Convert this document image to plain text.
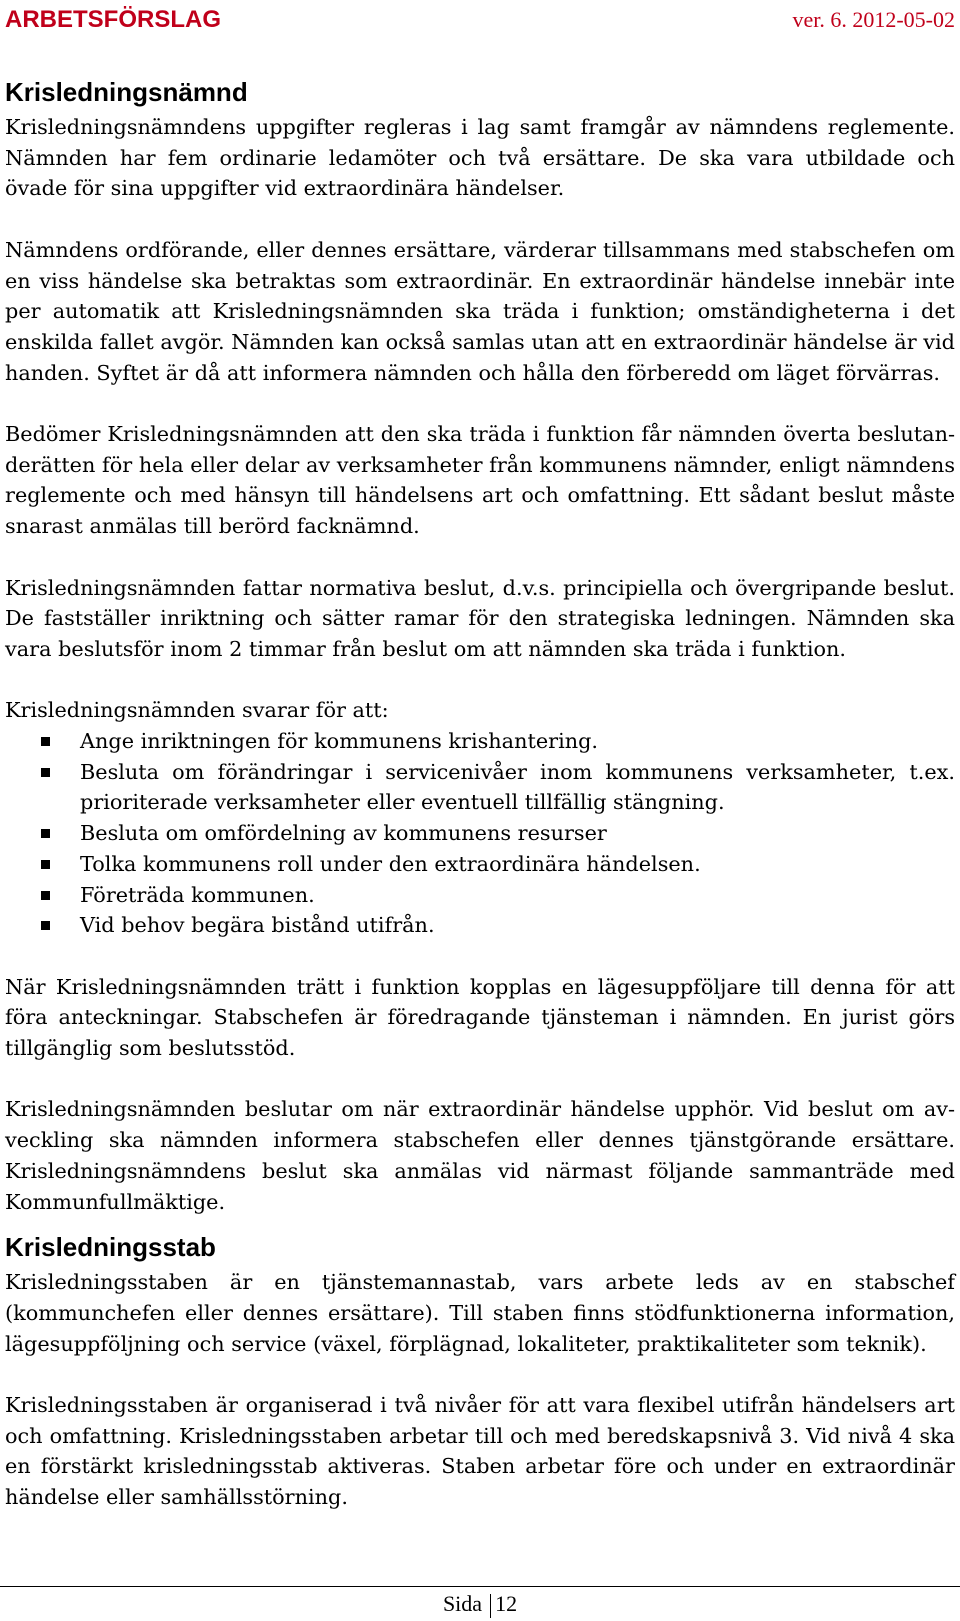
ARBETSFÖRSLAG	ver. 6. 2012-05-02
Krisledningsnämnd

Krisledningsnämndens uppgifter regleras i lag samt framgår av nämndens reglemente. Nämnden har fem ordinarie ledamöter och två ersättare. De ska vara utbildade och övade för sina uppgifter vid extraordinära händelser.

Nämndens ordförande, eller dennes ersättare, värderar tillsammans med stabschefen om en viss händelse ska betraktas som extraordinär. En extraordinär händelse innebär inte per automatik att Krisledningsnämnden ska träda i funktion; omständigheterna i det enskilda fallet avgör. Nämnden kan också samlas utan att en extraordinär händelse är vid handen. Syftet är då att informera nämnden och hålla den förberedd om läget förvärras.

Bedömer Krisledningsnämnden att den ska träda i funktion får nämnden överta beslutanderätten för hela eller delar av verksamheter från kommunens nämnder, enligt nämndens reglemente och med hänsyn till händelsens art och omfattning. Ett sådant beslut måste snarast anmälas till berörd facknämnd.

Krisledningsnämnden fattar normativa beslut, d.v.s. principiella och övergripande beslut. De fastställer inriktning och sätter ramar för den strategiska ledningen. Nämnden ska vara beslutsför inom 2 timmar från beslut om att nämnden ska träda i funktion.

Krisledningsnämnden svarar för att:

Ange inriktningen för kommunens krishantering.
Besluta om förändringar i servicenivåer inom kommunens verksamheter, t.ex. prioriterade verksamheter eller eventuell tillfällig stängning.
Besluta om omfördelning av kommunens resurser
Tolka kommunens roll under den extraordinära händelsen.
Företräda kommunen.
Vid behov begära bistånd utifrån.

När Krisledningsnämnden trätt i funktion kopplas en lägesuppföljare till denna för att föra anteckningar. Stabschefen är föredragande tjänsteman i nämnden. En jurist görs tillgänglig som beslutsstöd.

Krisledningsnämnden beslutar om när extraordinär händelse upphör. Vid beslut om avveckling ska nämnden informera stabschefen eller dennes tjänstgörande ersättare. Krisledningsnämndens beslut ska anmälas vid närmast följande sammanträde med Kommunfullmäktige.

Krisledningsstab

Krisledningsstaben är en tjänstemannastab, vars arbete leds av en stabschef (kommunchefen eller dennes ersättare). Till staben finns stödfunktionerna information, lägesuppföljning och service (växel, förplägnad, lokaliteter, praktikaliteter som teknik).

Krisledningsstaben är organiserad i två nivåer för att vara flexibel utifrån händelsers art och omfattning. Krisledningsstaben arbetar till och med beredskapsnivå 3. Vid nivå 4 ska en förstärkt krisledningsstab aktiveras. Staben arbetar före och under en extraordinär händelse eller samhällsstörning.

Sida 12
